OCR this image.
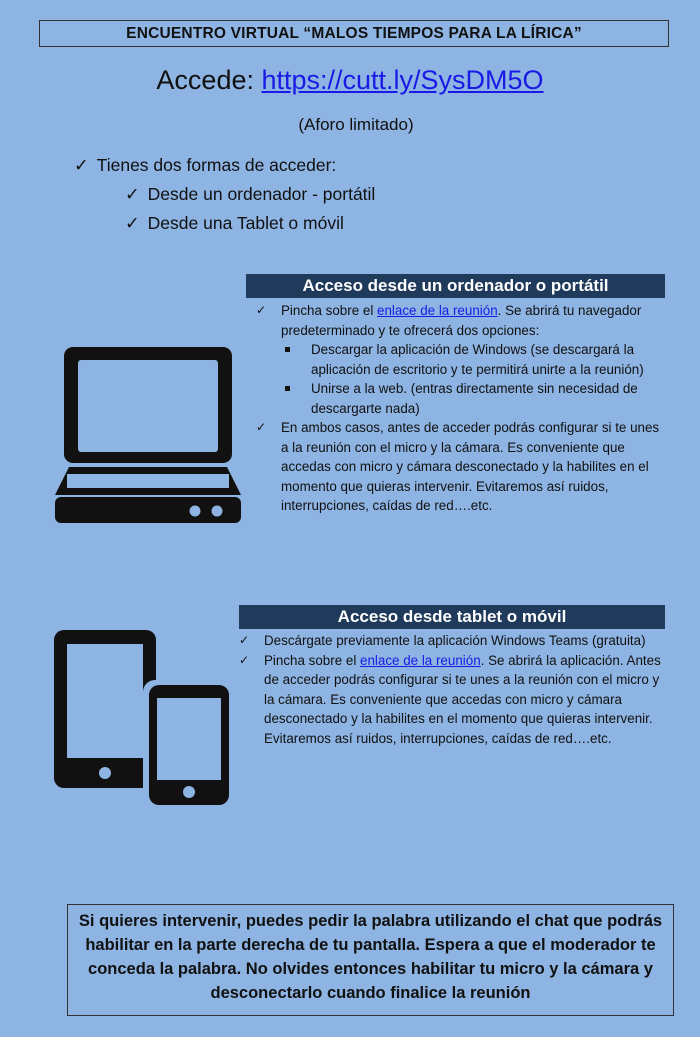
ENCUENTRO VIRTUAL “MALOS TIEMPOS PARA LA LÍRICA”
Accede: https://cutt.ly/SysDM5O
(Aforo limitado)
✓ Tienes dos formas de acceder:
✓ Desde un ordenador - portátil
✓ Desde una Tablet o móvil
Acceso desde un ordenador o portátil
✓ Pincha sobre el enlace de la reunión. Se abrirá tu navegador predeterminado y te ofrecerá dos opciones:
Descargar la aplicación de Windows (se descargará la aplicación de escritorio y te permitirá unirte a la reunión)
Unirse a la web. (entras directamente sin necesidad de descargarte nada)
✓ En ambos casos, antes de acceder podrás configurar si te unes a la reunión con el micro y la cámara. Es conveniente que accedas con micro y cámara desconectado y la habilites en el momento que quieras intervenir. Evitaremos así ruidos, interrupciones, caídas de red….etc.
Acceso desde tablet o móvil
✓ Descárgate previamente la aplicación Windows Teams (gratuita)
✓ Pincha sobre el enlace de la reunión. Se abrirá la aplicación. Antes de acceder podrás configurar si te unes a la reunión con el micro y la cámara. Es conveniente que accedas con micro y cámara desconectado y la habilites en el momento que quieras intervenir. Evitaremos así ruidos, interrupciones, caídas de red….etc.
Si quieres intervenir, puedes pedir la palabra utilizando el chat que podrás habilitar en la parte derecha de tu pantalla. Espera a que el moderador te conceda la palabra. No olvides entonces habilitar tu micro y la cámara y desconectarlo cuando finalice la reunión
